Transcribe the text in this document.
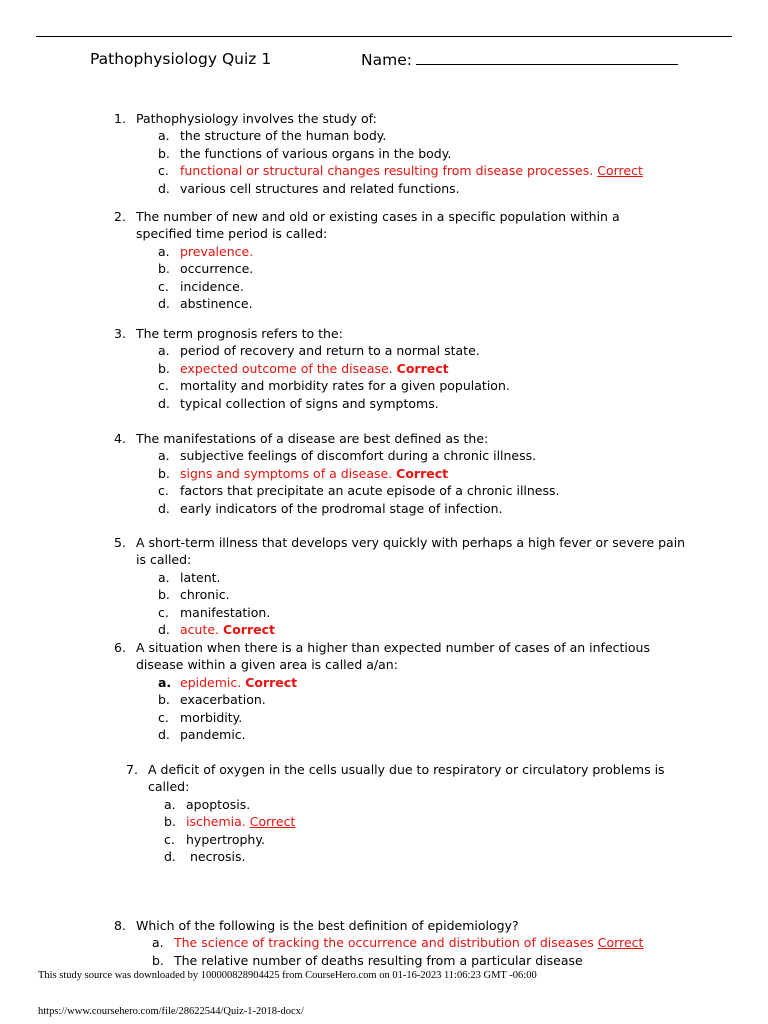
Pathophysiology Quiz 1	Name:
1. Pathophysiology involves the study of:
a. the structure of the human body.
b. the functions of various organs in the body.
c. functional or structural changes resulting from disease processes. Correct
d. various cell structures and related functions.
2. The number of new and old or existing cases in a specific population within a specified time period is called:
a. prevalence.
b. occurrence.
c. incidence.
d. abstinence.
3. The term prognosis refers to the:
a. period of recovery and return to a normal state.
b. expected outcome of the disease. Correct
c. mortality and morbidity rates for a given population.
d. typical collection of signs and symptoms.
4. The manifestations of a disease are best defined as the:
a. subjective feelings of discomfort during a chronic illness.
b. signs and symptoms of a disease. Correct
c. factors that precipitate an acute episode of a chronic illness.
d. early indicators of the prodromal stage of infection.
5. A short-term illness that develops very quickly with perhaps a high fever or severe pain is called:
a. latent.
b. chronic.
c. manifestation.
d. acute. Correct
6. A situation when there is a higher than expected number of cases of an infectious disease within a given area is called a/an:
a. epidemic. Correct
b. exacerbation.
c. morbidity.
d. pandemic.
7. A deficit of oxygen in the cells usually due to respiratory or circulatory problems is called:
a. apoptosis.
b. ischemia. Correct
c. hypertrophy.
d. necrosis.
8. Which of the following is the best definition of epidemiology?
a. The science of tracking the occurrence and distribution of diseases Correct
b. The relative number of deaths resulting from a particular disease
This study source was downloaded by 100000828904425 from CourseHero.com on 01-16-2023 11:06:23 GMT -06:00
https://www.coursehero.com/file/28622544/Quiz-1-2018-docx/
